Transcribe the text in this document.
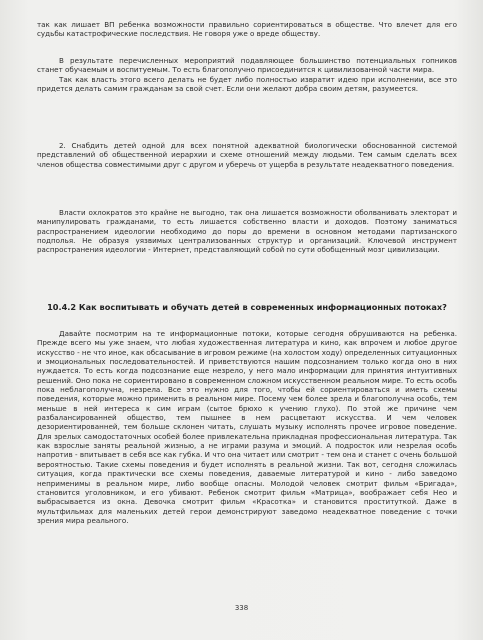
так как лишает ВП ребенка возможности правильно сориентироваться в обществе. Что влечет для его судьбы катастрофические последствия. Не говоря уже о вреде обществу.

В результате перечисленных мероприятий подавляющее большинство потенциальных гопников станет обучаемым и воспитуемым. То есть благополучно присоединится к цивилизованной части мира.

Так как власть этого всего делать не будет либо полностью извратит идею при исполнении, все это придется делать самим гражданам за свой счет. Если они желают добра своим детям, разумеется.

2. Снабдить детей одной для всех понятной адекватной биологически обоснованной системой представлений об общественной иерархии и схеме отношений между людьми. Тем самым сделать всех членов общества совместимыми друг с другом и уберечь от ущерба в результате неадекватного поведения.

Власти охлократов это крайне не выгодно, так она лишается возможности оболванивать электорат и манипулировать гражданами, то есть лишается собственно власти и доходов. Поэтому заниматься распространением идеологии необходимо до поры до времени в основном методами партизанского подполья. Не образуя уязвимых централизованных структур и организаций. Ключевой инструмент распространения идеологии - Интернет, представляющий собой по сути обобщенный мозг цивилизации.

10.4.2 Как воспитывать и обучать детей в современных информационных потоках?

Давайте посмотрим на те информационные потоки, которые сегодня обрушиваются на ребенка. Прежде всего мы уже знаем, что любая художественная литература и кино, как впрочем и любое другое искусство - не что иное, как обсасывание в игровом режиме (на холостом ходу) определенных ситуационных и эмоциональных последовательностей. И приветствуются нашим подсознанием только когда оно в них нуждается. То есть когда подсознание еще незрело, у него мало информации для принятия интуитивных решений. Оно пока не сориентировано в современном сложном искусственном реальном мире. То есть особь пока неблагополучна, незрела. Все это нужно для того, чтобы ей сориентироваться и иметь схемы поведения, которые можно применить в реальном мире. Посему чем более зрела и благополучна особь, тем меньше в ней интереса к сим играм (сытое брюхо к учению глухо). По этой же причине чем разбалансированней общество, тем пышнее в нем расцветают искусства. И чем человек дезориентированней, тем больше склонен читать, слушать музыку исполнять прочее игровое поведение. Для зрелых самодостаточных особей более привлекательна прикладная профессиональная литература. Так как взрослые заняты реальной жизнью, а не играми разума и эмоций. А подросток или незрелая особь напротив - впитывает в себя все как губка. И что она читает или смотрит - тем она и станет с очень большой вероятностью. Такие схемы поведения и будет исполнять в реальной жизни. Так вот, сегодня сложилась ситуация, когда практически все схемы поведения, даваемые литературой и кино - либо заведомо неприменимы в реальном мире, либо вообще опасны. Молодой человек смотрит фильм «Бригада», становится уголовником, и его убивают. Ребенок смотрит фильм «Матрица», воображает себя Нео и выбрасывается из окна. Девочка смотрит фильм «Красотка» и становится проституткой. Даже в мультфильмах для маленьких детей герои демонстрируют заведомо неадекватное поведение с точки зрения мира реального.

338
